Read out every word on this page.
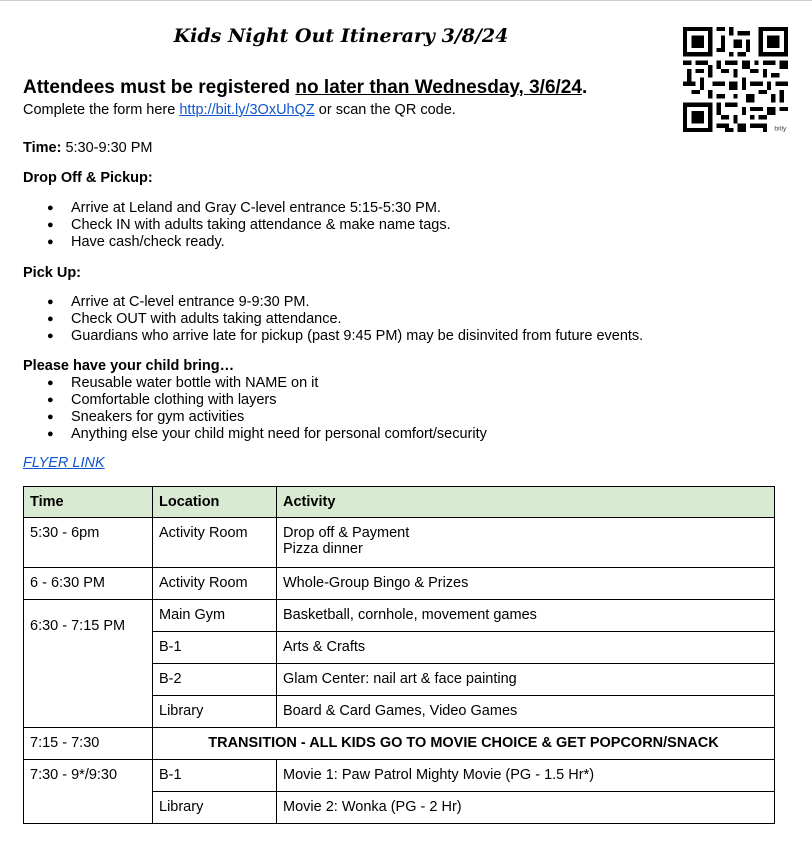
Kids Night Out Itinerary 3/8/24
bitly
Attendees must be registered no later than Wednesday, 3/6/24.
Complete the form here http://bit.ly/3OxUhQZ or scan the QR code.
Time: 5:30-9:30 PM
Drop Off & Pickup:
● Arrive at Leland and Gray C-level entrance 5:15-5:30 PM.
● Check IN with adults taking attendance & make name tags.
● Have cash/check ready.
Pick Up:
● Arrive at C-level entrance 9-9:30 PM.
● Check OUT with adults taking attendance.
● Guardians who arrive late for pickup (past 9:45 PM) may be disinvited from future events.
Please have your child bring…
● Reusable water bottle with NAME on it
● Comfortable clothing with layers
● Sneakers for gym activities
● Anything else your child might need for personal comfort/security
FLYER LINK
Time	Location	Activity
5:30 - 6pm	Activity Room	Drop off & Payment
Pizza dinner

6 - 6:30 PM	Activity Room	Whole-Group Bingo & Prizes
6:30 - 7:15 PM	Main Gym	Basketball, cornhole, movement games
	B-1	Arts & Crafts
	B-2	Glam Center: nail art & face painting
	Library	Board & Card Games, Video Games
7:15 - 7:30	TRANSITION - ALL KIDS GO TO MOVIE CHOICE & GET POPCORN/SNACK	
7:30 - 9*/9:30	B-1	Movie 1: Paw Patrol Mighty Movie (PG - 1.5 Hr*)
	Library	Movie 2: Wonka (PG - 2 Hr)
